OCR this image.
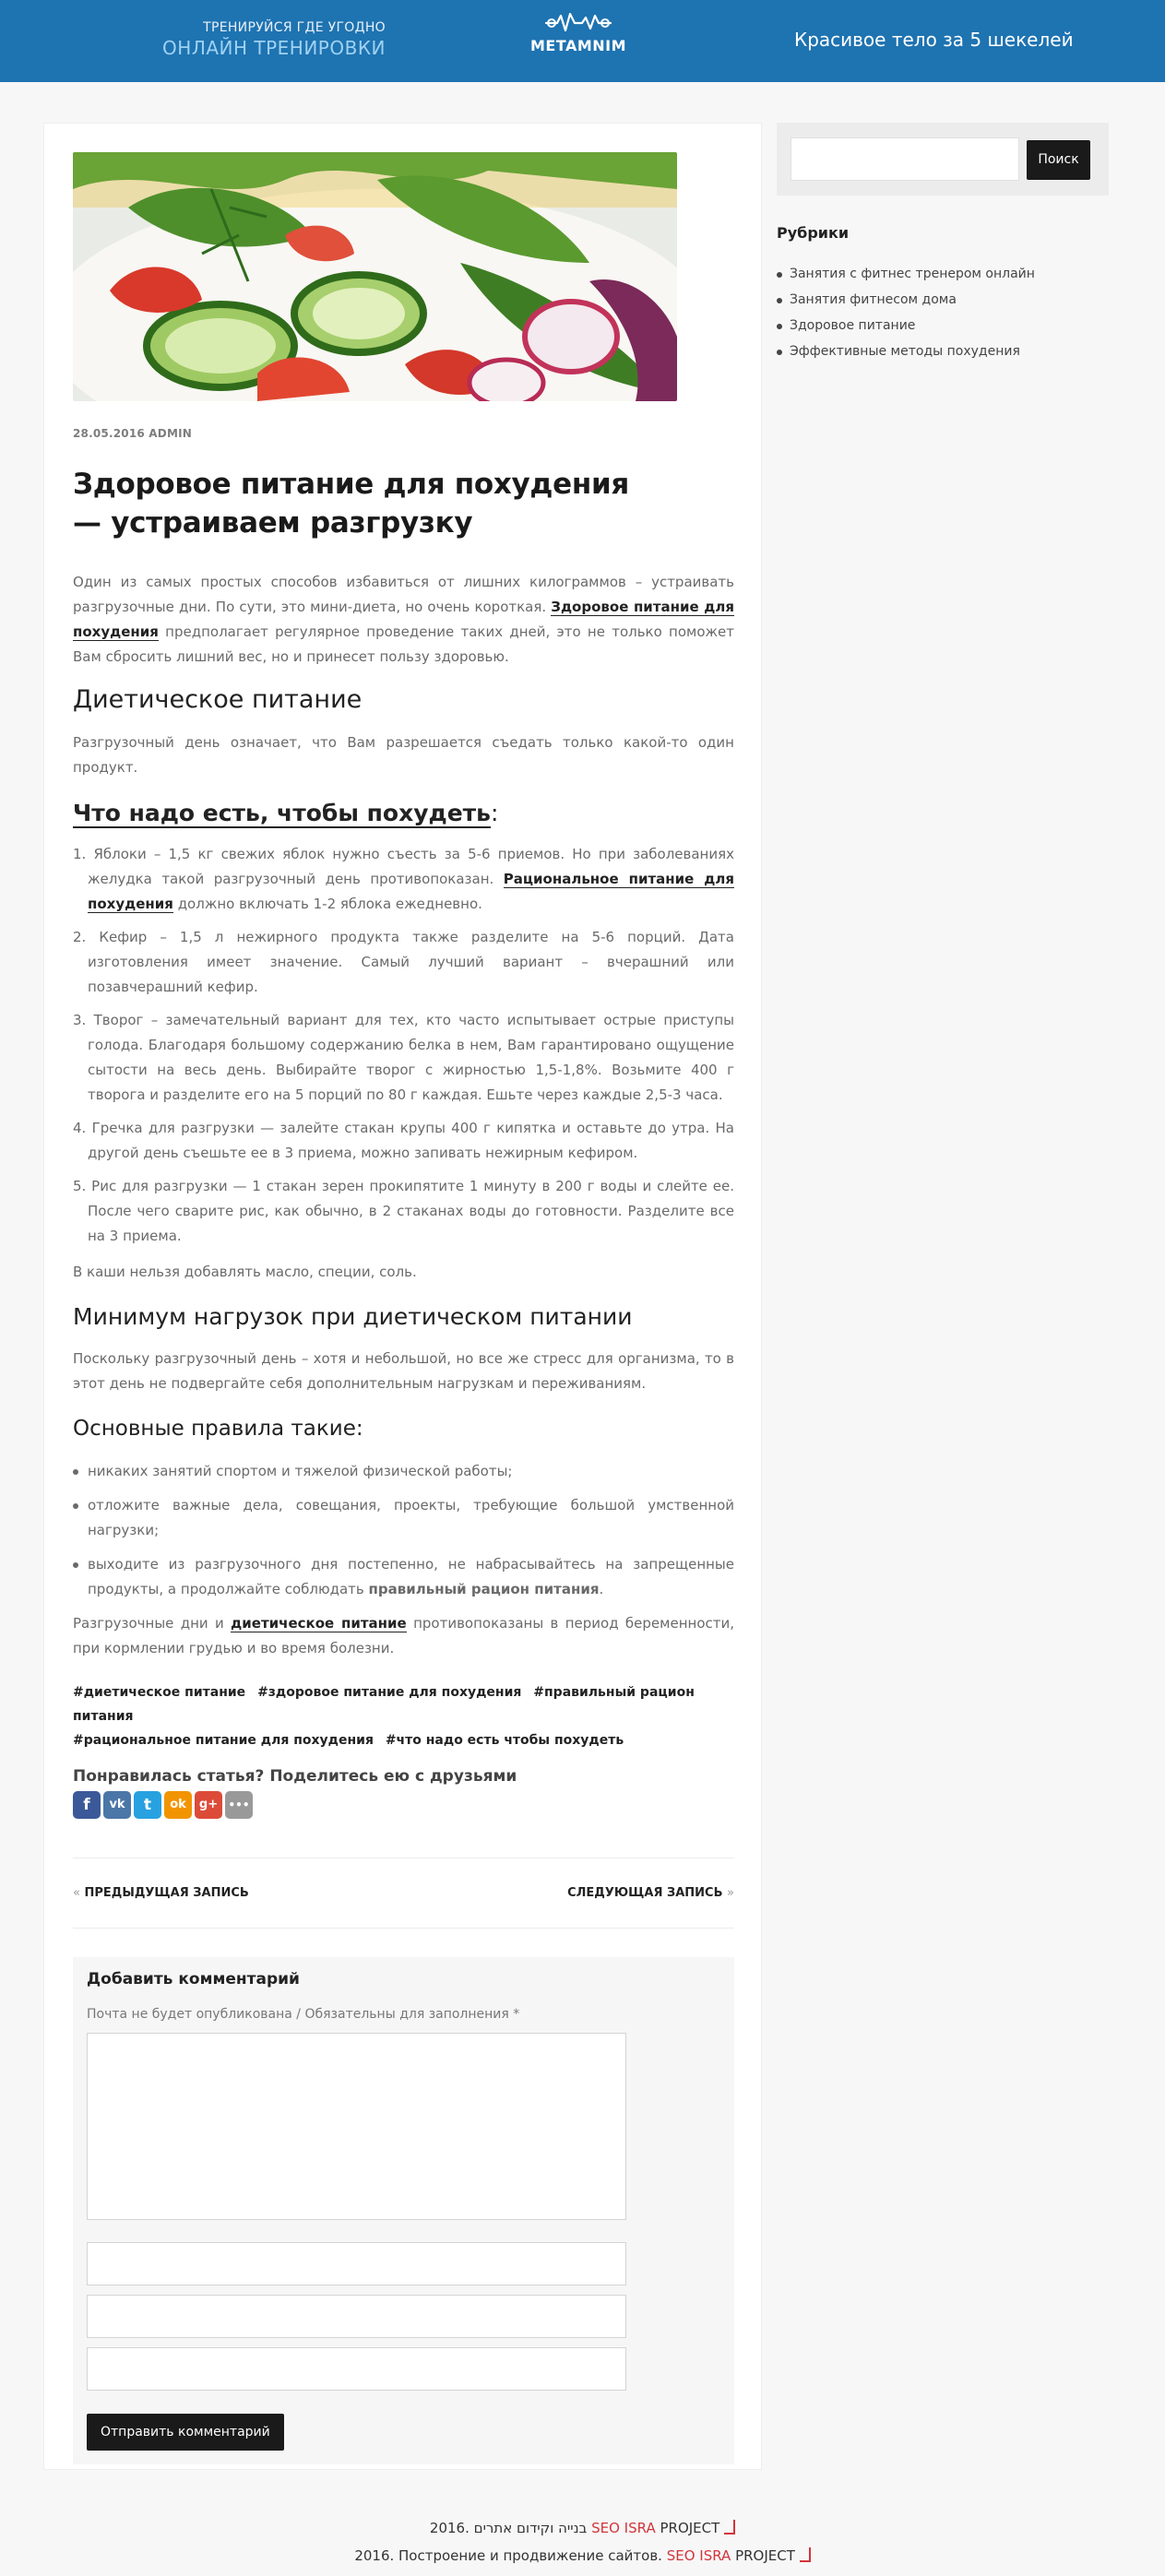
ТРЕНИРУЙСЯ ГДЕ УГОДНО
ОНЛАЙН ТРЕНИРОВКИ	METAMNIM	Красивое тело за 5 шекелей
28.05.2016 ADMIN
Здоровое питание для похудения
— устраиваем разгрузку

Один из самых простых способов избавиться от лишних килограммов – устраивать разгрузочные дни. По сути, это мини-диета, но очень короткая. Здоровое питание для похудения предполагает регулярное проведение таких дней, это не только поможет Вам сбросить лишний вес, но и принесет пользу здоровью.

Диетическое питание

Разгрузочный день означает, что Вам разрешается съедать только какой-то один продукт.

Что надо есть, чтобы похудеть:
1. Яблоки – 1,5 кг свежих яблок нужно съесть за 5-6 приемов. Но при заболеваниях желудка такой разгрузочный день противопоказан. Рациональное питание для похудения должно включать 1-2 яблока ежедневно.
2. Кефир – 1,5 л нежирного продукта также разделите на 5-6 порций. Дата изготовления имеет значение. Самый лучший вариант – вчерашний или позавчерашний кефир.
3. Творог – замечательный вариант для тех, кто часто испытывает острые приступы голода. Благодаря большому содержанию белка в нем, Вам гарантировано ощущение сытости на весь день. Выбирайте творог с жирностью 1,5-1,8%. Возьмите 400 г творога и разделите его на 5 порций по 80 г каждая. Ешьте через каждые 2,5-3 часа.
4. Гречка для разгрузки — залейте стакан крупы 400 г кипятка и оставьте до утра. На другой день съешьте ее в 3 приема, можно запивать нежирным кефиром.
5. Рис для разгрузки — 1 стакан зерен прокипятите 1 минуту в 200 г воды и слейте ее. После чего сварите рис, как обычно, в 2 стаканах воды до готовности. Разделите все на 3 приема.

В каши нельзя добавлять масло, специи, соль.

Минимум нагрузок при диетическом питании

Поскольку разгрузочный день – хотя и небольшой, но все же стресс для организма, то в этот день не подвергайте себя дополнительным нагрузкам и переживаниям.

Основные правила такие:
никаких занятий спортом и тяжелой физической работы;
отложите важные дела, совещания, проекты, требующие большой умственной нагрузки;
выходите из разгрузочного дня постепенно, не набрасывайтесь на запрещенные продукты, а продолжайте соблюдать правильный рацион питания.

Разгрузочные дни и диетическое питание противопоказаны в период беременности, при кормлении грудью и во время болезни.

#диетическое питание #здоровое питание для похудения #правильный рацион питания
#рациональное питание для похудения #что надо есть чтобы похудеть
Понравилась статья? Поделитесь ею с друзьями
f	vk	t	ok	g+ •••
« ПРЕДЫДУЩАЯ ЗАПИСЬ	СЛЕДУЮЩАЯ ЗАПИСЬ »
Добавить комментарий
Почта не будет опубликована / Обязательны для заполнения *
Отправить комментарий
Поиск
Рубрики
Занятия с фитнес тренером онлайн
Занятия фитнесом дома
Здоровое питание
Эффективные методы похудения
2016. בנייה וקידום אתרים SEO ISRA PROJECT
2016. Построение и продвижение сайтов. SEO ISRA PROJECT
